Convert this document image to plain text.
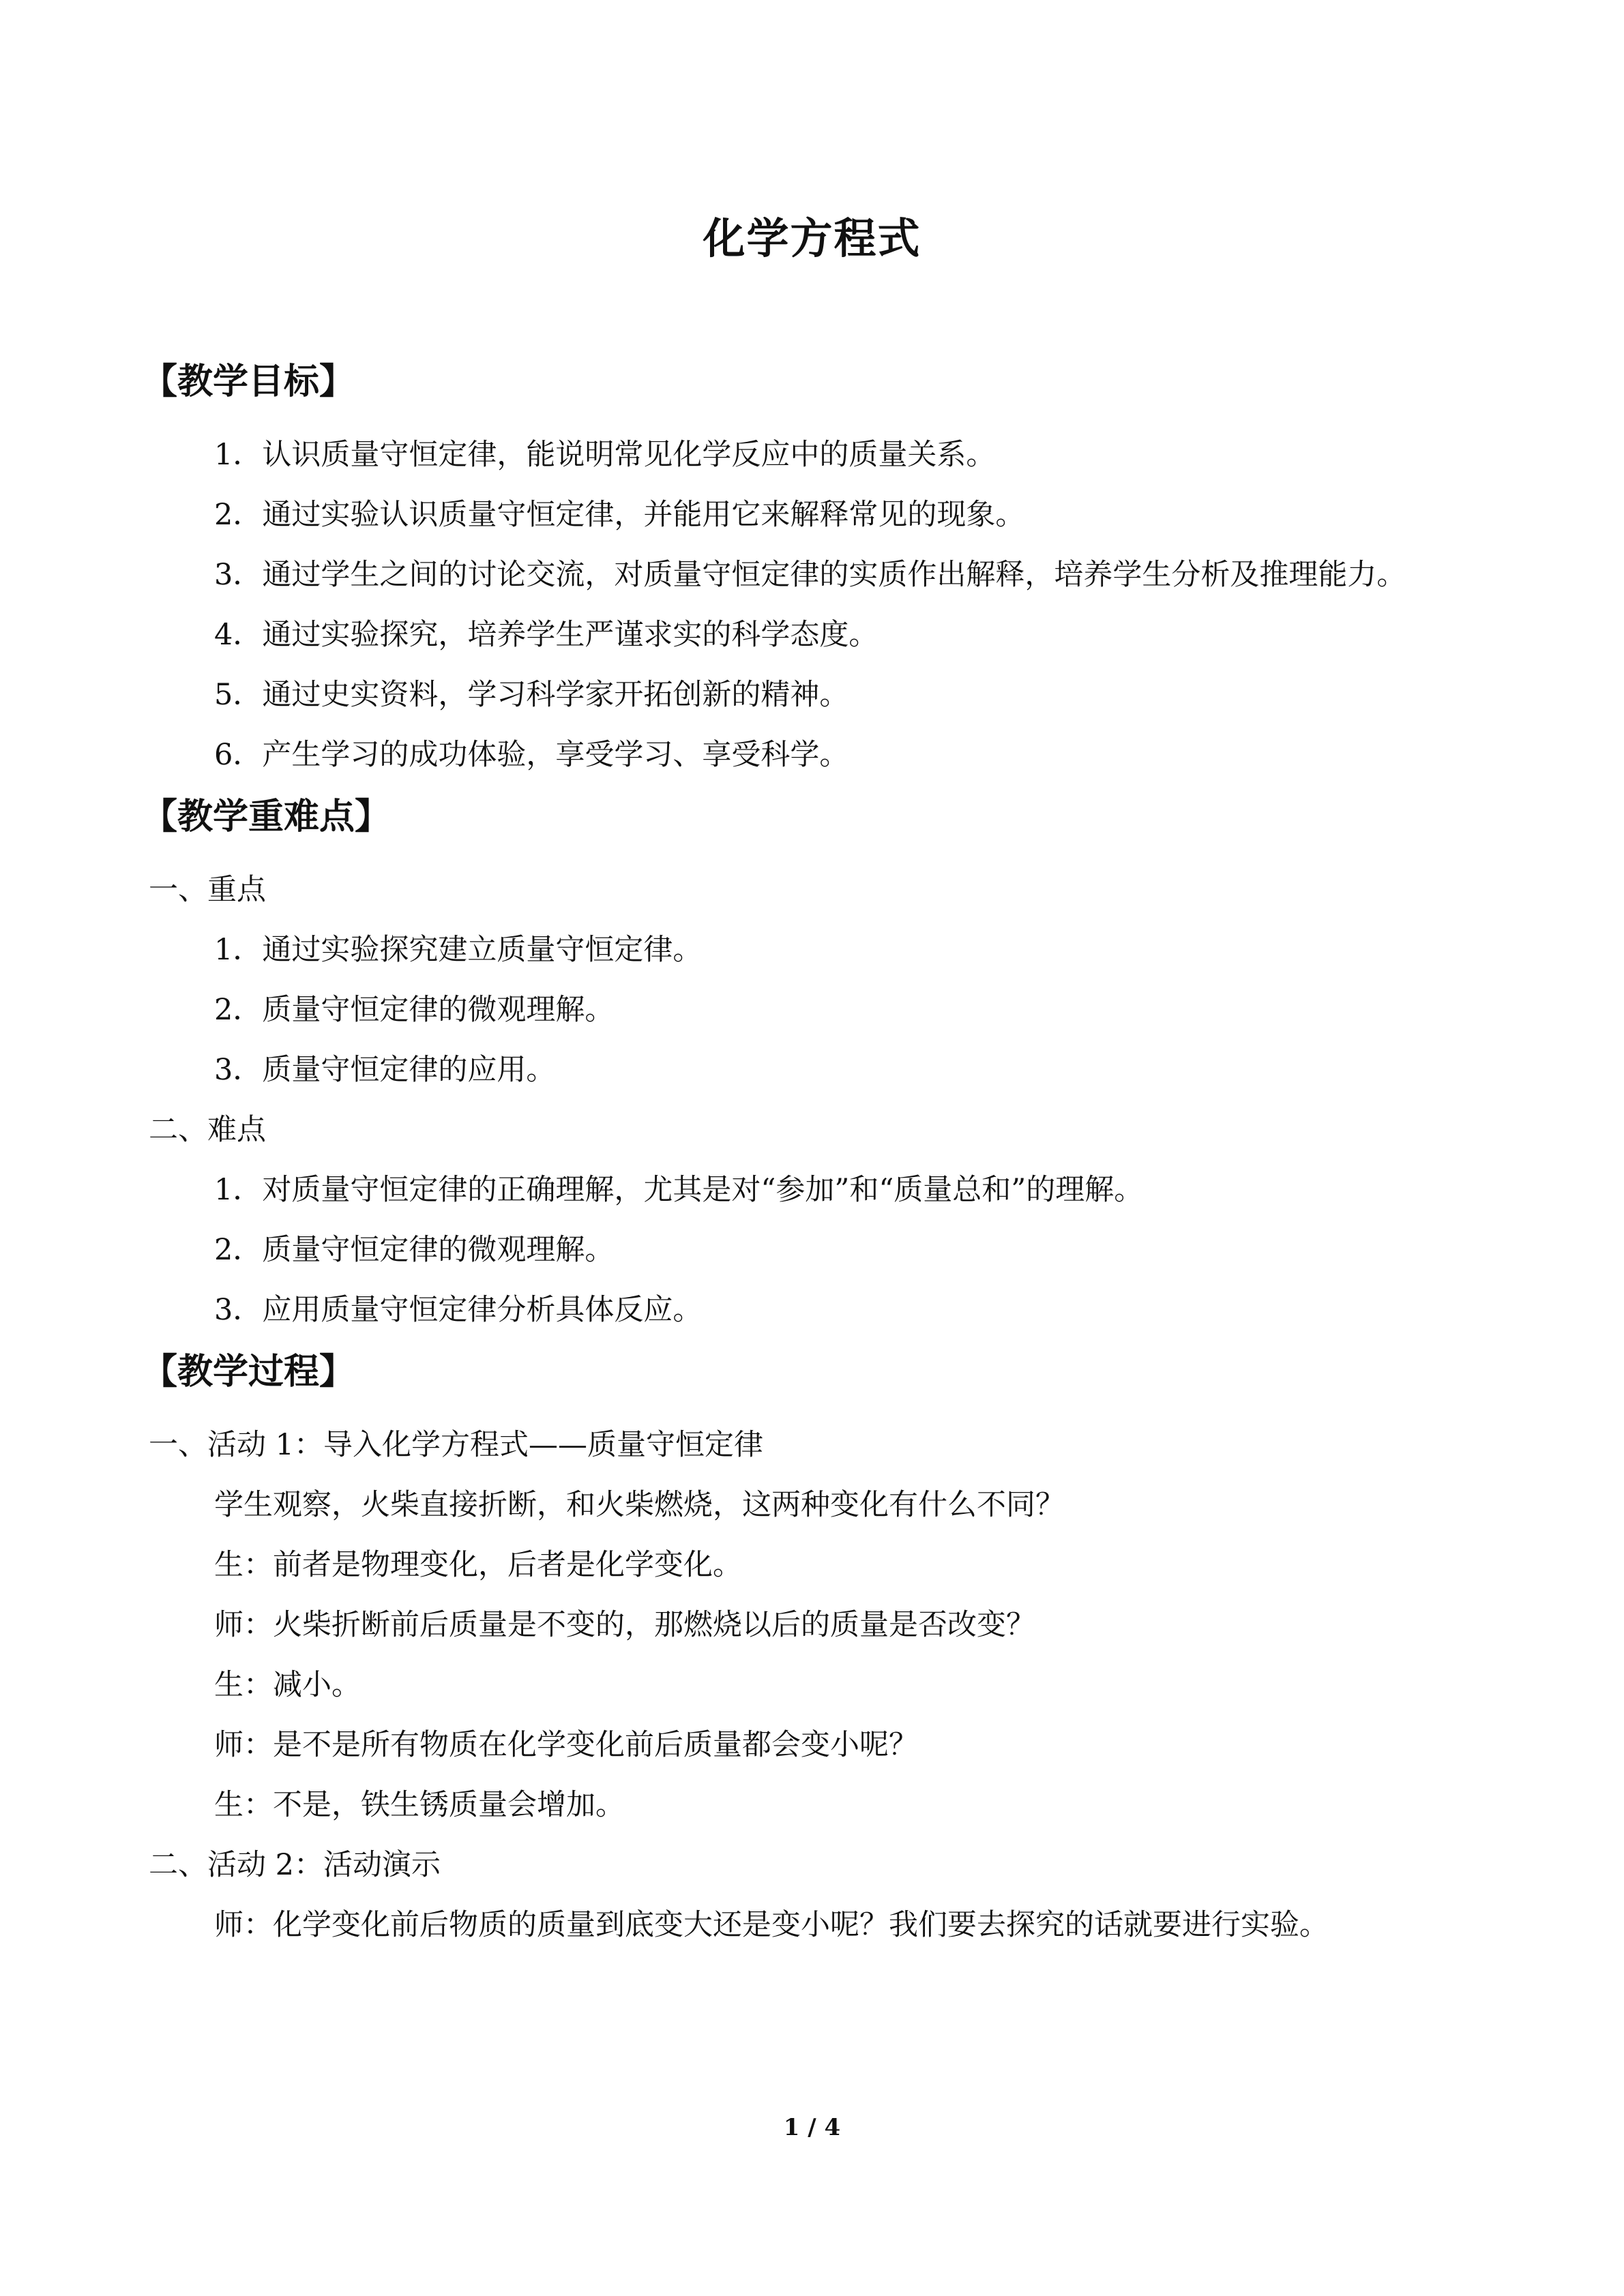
化学方程式
【教学目标】
1．认识质量守恒定律，能说明常见化学反应中的质量关系。
2．通过实验认识质量守恒定律，并能用它来解释常见的现象。
3．通过学生之间的讨论交流，对质量守恒定律的实质作出解释，培养学生分析及推理能力。
4．通过实验探究，培养学生严谨求实的科学态度。
5．通过史实资料，学习科学家开拓创新的精神。
6．产生学习的成功体验，享受学习、享受科学。
【教学重难点】
一、重点
1．通过实验探究建立质量守恒定律。
2．质量守恒定律的微观理解。
3．质量守恒定律的应用。
二、难点
1．对质量守恒定律的正确理解，尤其是对“参加”和“质量总和”的理解。
2．质量守恒定律的微观理解。
3．应用质量守恒定律分析具体反应。
【教学过程】
一、活动 1：导入化学方程式——质量守恒定律
学生观察，火柴直接折断，和火柴燃烧，这两种变化有什么不同？
生：前者是物理变化，后者是化学变化。
师：火柴折断前后质量是不变的，那燃烧以后的质量是否改变？
生：减小。
师：是不是所有物质在化学变化前后质量都会变小呢？
生：不是，铁生锈质量会增加。
二、活动 2：活动演示
师：化学变化前后物质的质量到底变大还是变小呢？我们要去探究的话就要进行实验。
1 / 4
